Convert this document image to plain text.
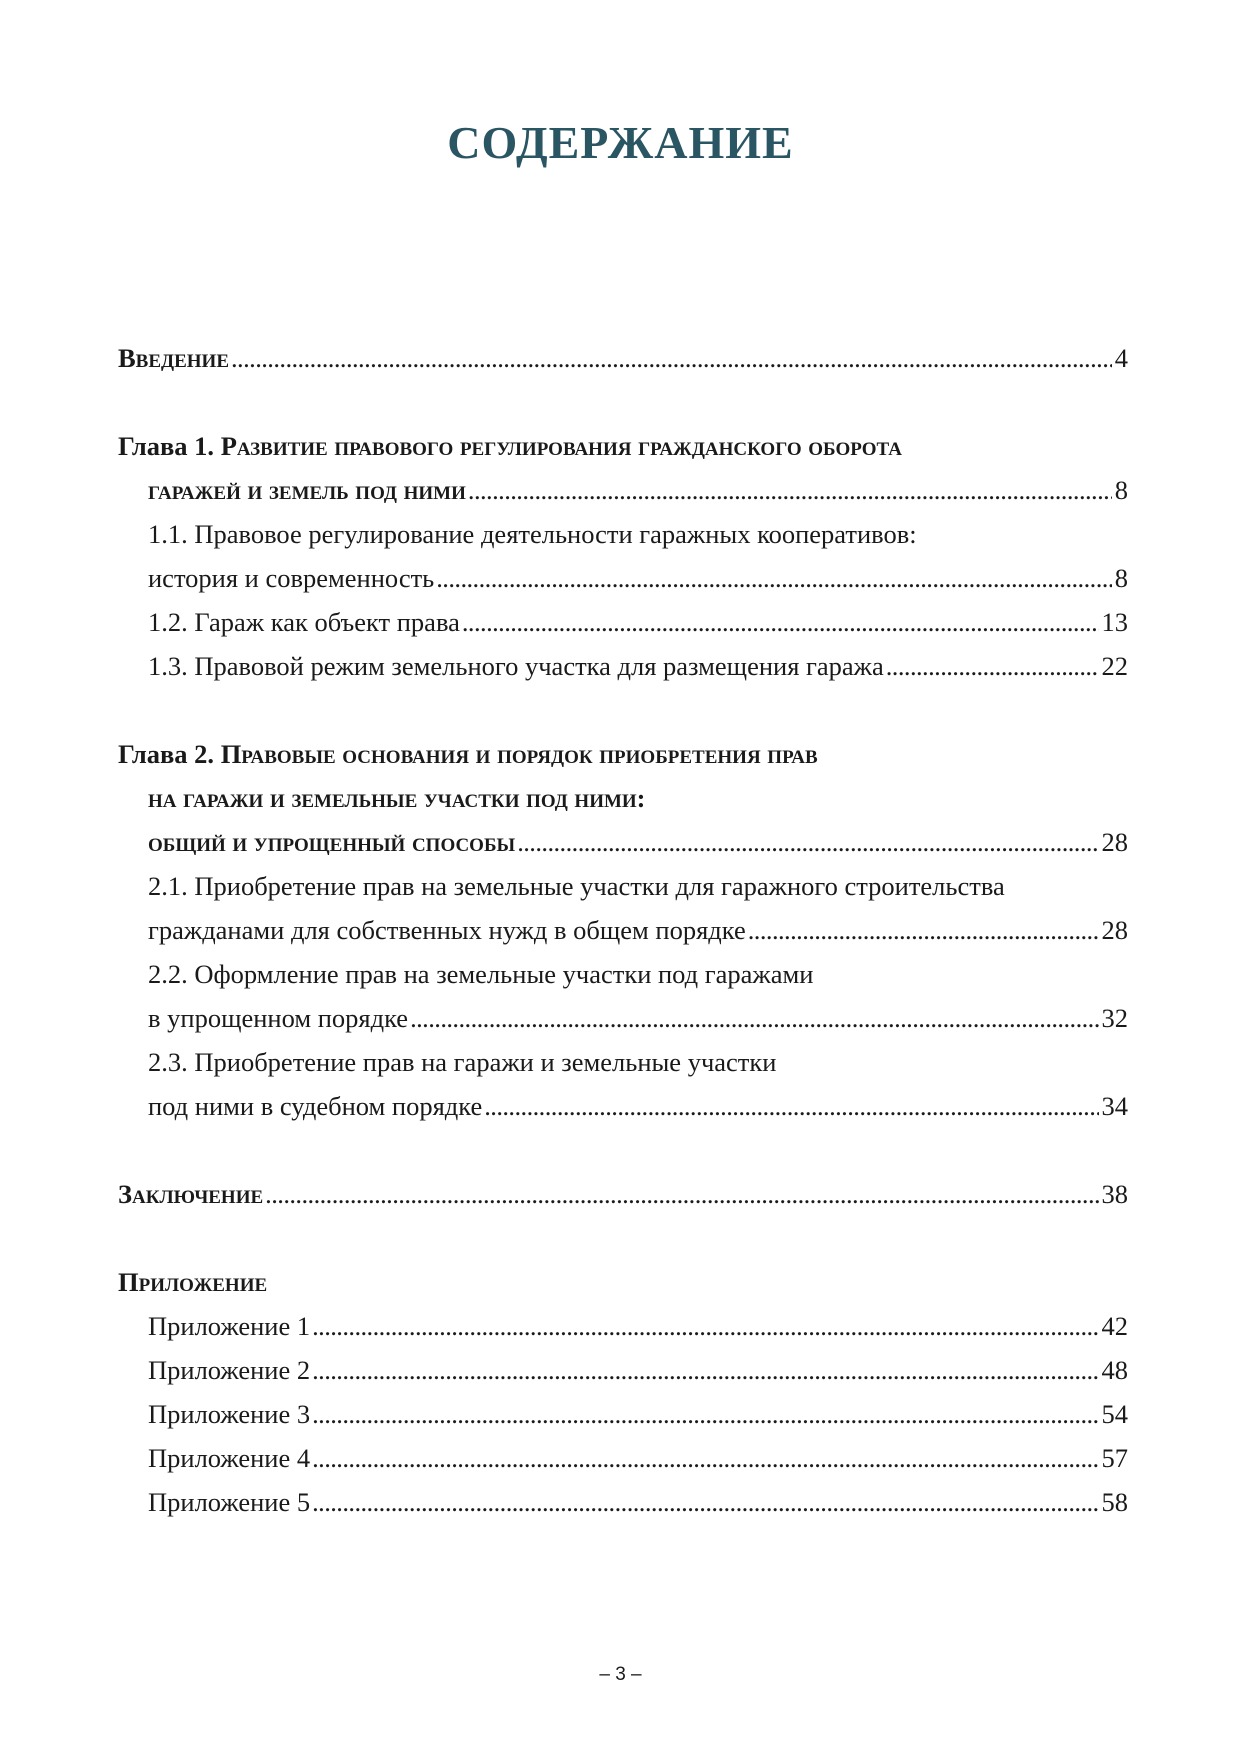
СОДЕРЖАНИЕ
Введение . . .	4
Глава 1.
Развитие правового регулирования гражданского оборота
гаражей и земель под ними . . .	8
1.1. Правовое регулирование деятельности гаражных кооперативов:
история и современность . . .	8
1.2. Гараж как объект права . . .	13
1.3. Правовой режим земельного участка для размещения гаража . . .	22
Глава 2.
Правовые основания и порядок приобретения прав
на гаражи и земельные участки под ними:
общий и упрощенный способы . . .	28
2.1. Приобретение прав на земельные участки для гаражного строительства
гражданами для собственных нужд в общем порядке . . .	28
2.2. Оформление прав на земельные участки под гаражами
в упрощенном порядке . . .	32
2.3. Приобретение прав на гаражи и земельные участки
под ними в судебном порядке . . .	34
Заключение . . .	38
Приложение
Приложение 1 . . .	42
Приложение 2 . . .	48
Приложение 3 . . .	54
Приложение 4 . . .	57
Приложение 5 . . .	58
– 3 –
